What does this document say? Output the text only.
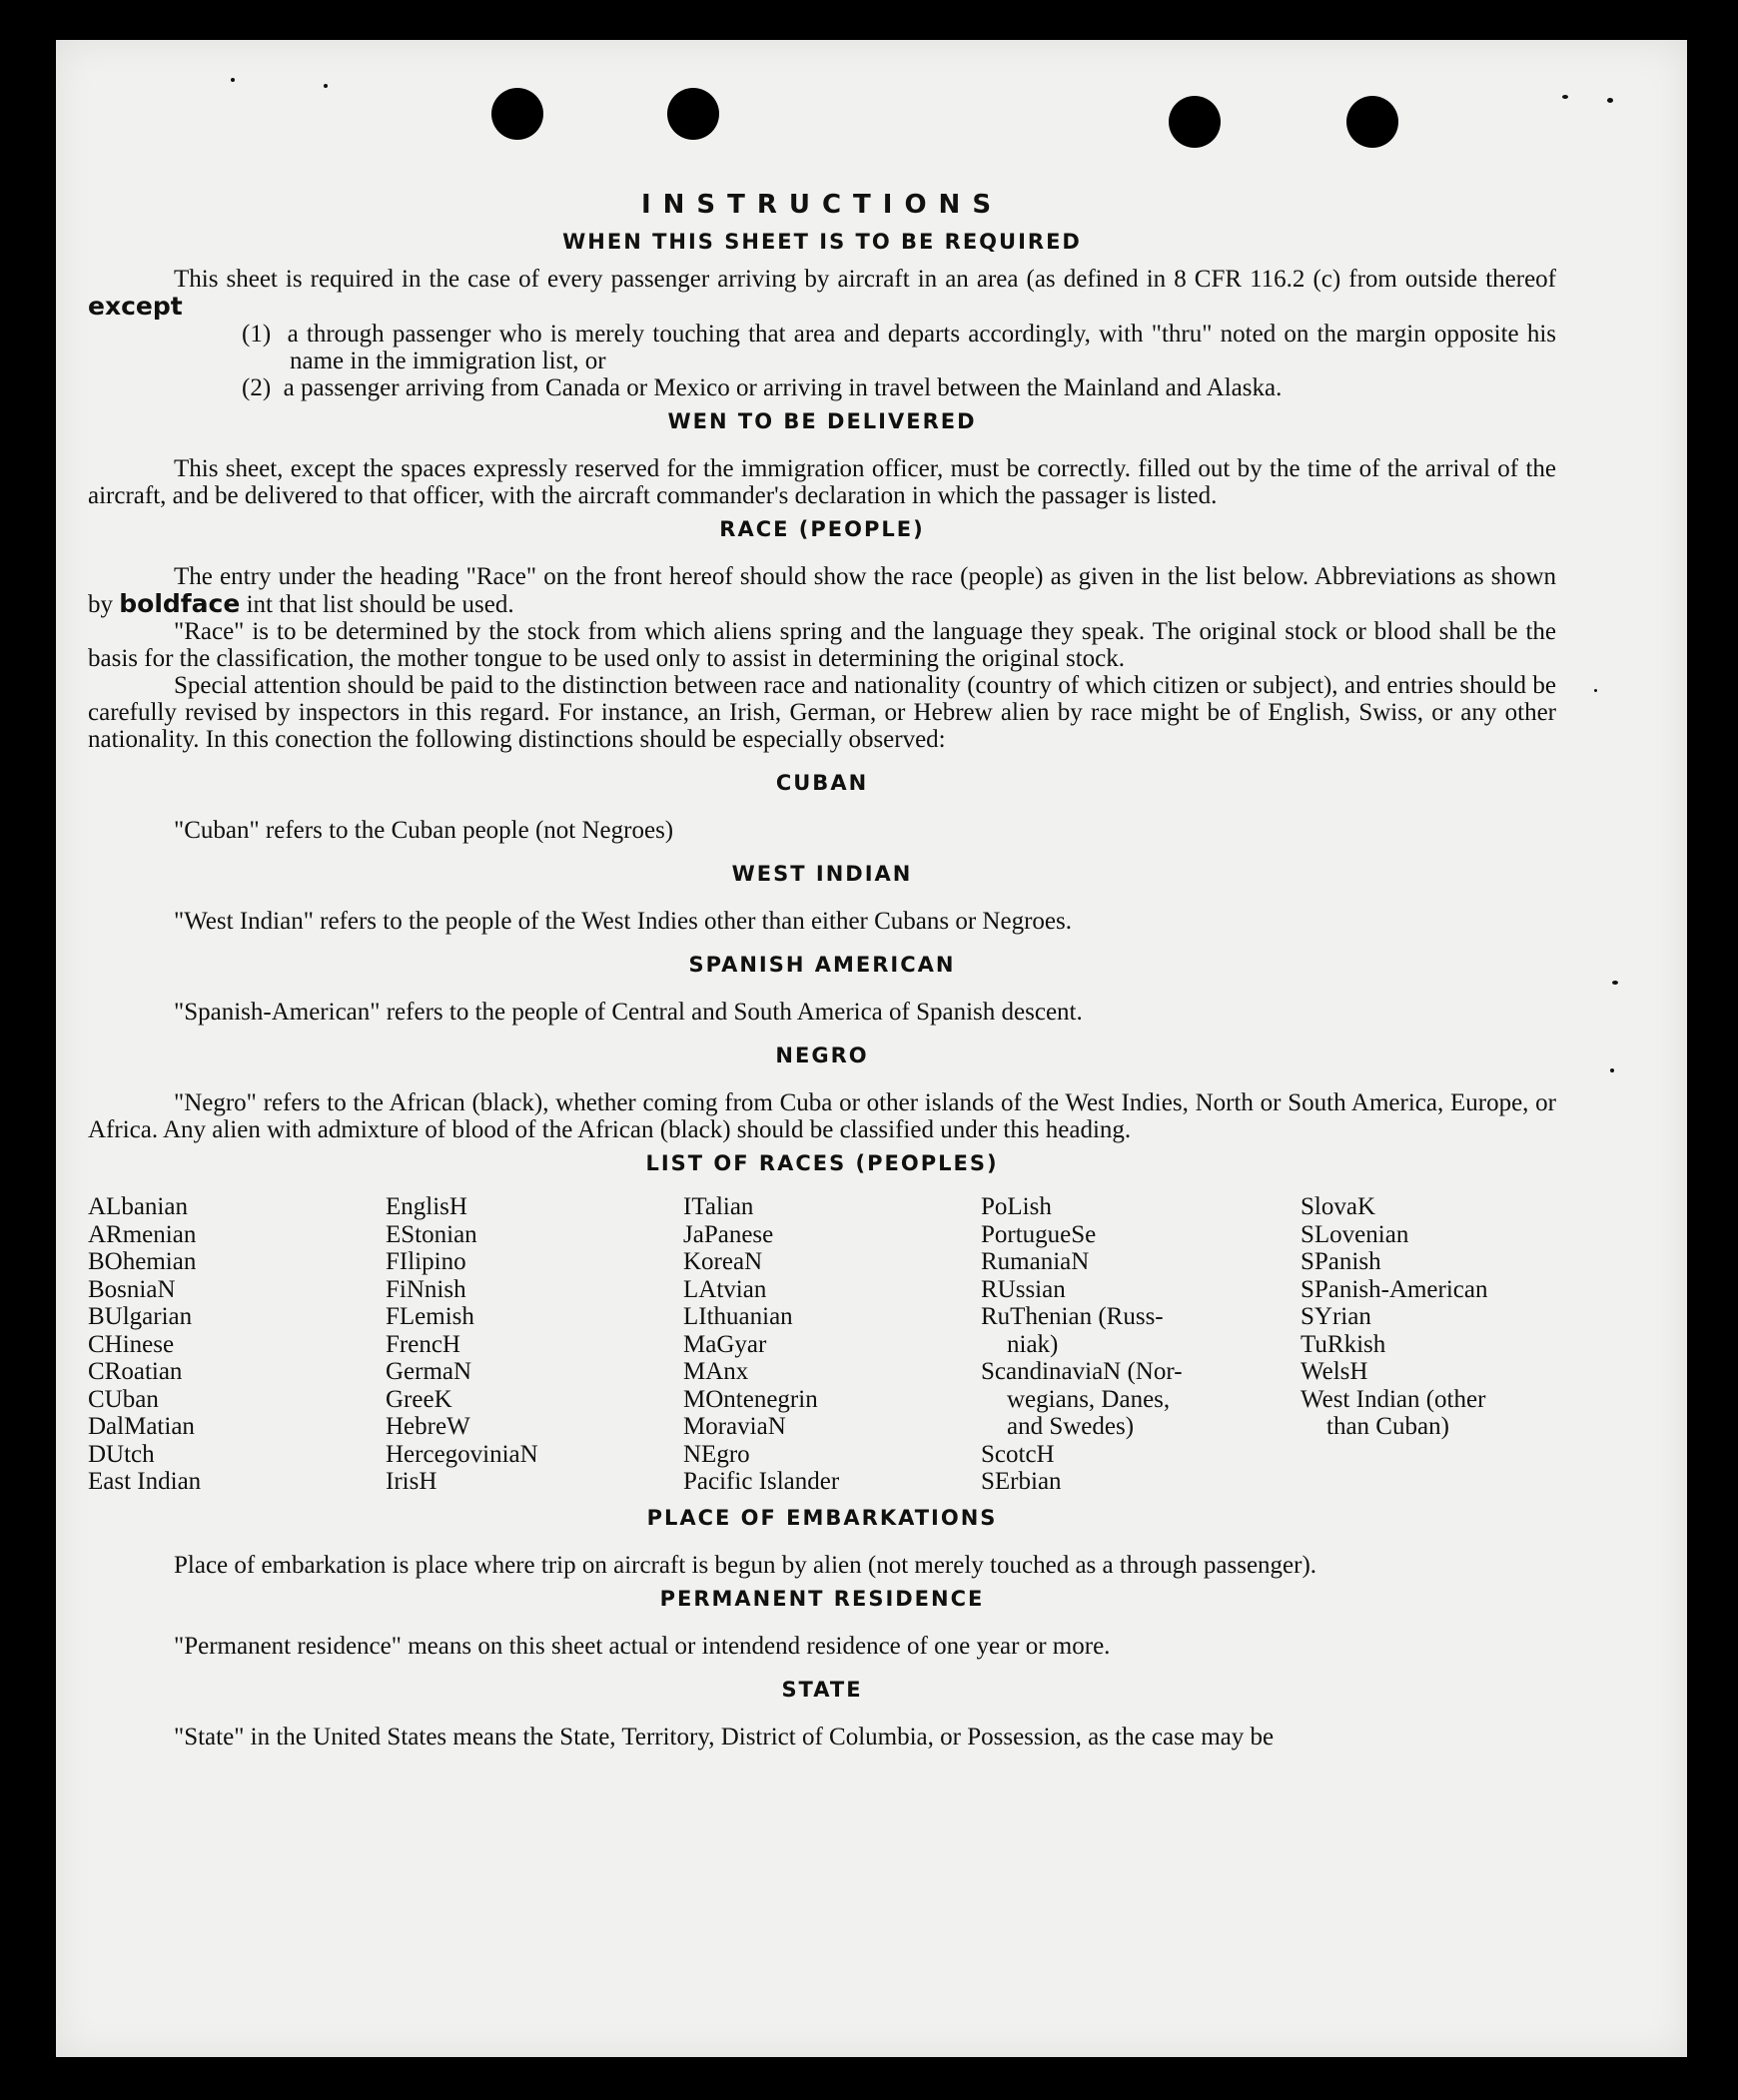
INSTRUCTIONS
WHEN THIS SHEET IS TO BE REQUIRED

This sheet is required in the case of every passenger arriving by aircraft in an area (as defined in 8 CFR 116.2 (c) from outside thereof except

(1) a through passenger who is merely touching that area and departs accordingly, with "thru" noted on the margin opposite his name in the immigration list, or
(2) a passenger arriving from Canada or Mexico or arriving in travel between the Mainland and Alaska.
WEN TO BE DELIVERED

This sheet, except the spaces expressly reserved for the immigration officer, must be correctly. filled out by the time of the arrival of the aircraft, and be delivered to that officer, with the aircraft commander's declaration in which the passager is listed.

RACE (PEOPLE)

The entry under the heading "Race" on the front hereof should show the race (people) as given in the list below. Abbreviations as shown by boldface int that list should be used.

"Race" is to be determined by the stock from which aliens spring and the language they speak. The original stock or blood shall be the basis for the classification, the mother tongue to be used only to assist in determining the original stock.

Special attention should be paid to the distinction between race and nationality (country of which citizen or subject), and entries should be carefully revised by inspectors in this regard. For instance, an Irish, German, or Hebrew alien by race might be of English, Swiss, or any other nationality. In this conection the following distinctions should be especially observed:

CUBAN

"Cuban" refers to the Cuban people (not Negroes)

WEST INDIAN

"West Indian" refers to the people of the West Indies other than either Cubans or Negroes.

SPANISH AMERICAN

"Spanish-American" refers to the people of Central and South America of Spanish descent.

NEGRO

"Negro" refers to the African (black), whether coming from Cuba or other islands of the West Indies, North or South America, Europe, or Africa. Any alien with admixture of blood of the African (black) should be classified under this heading.

LIST OF RACES (PEOPLES)
ALbanian
ARmenian
BOhemian
BosniaN
BUlgarian
CHinese
CRoatian
CUban
DalMatian
DUtch
East Indian
EnglisH
EStonian
FIlipino
FiNnish
FLemish
FrencH
GermaN
GreeK
HebreW
HercegoviniaN
IrisH
ITalian
JaPanese
KoreaN
LAtvian
LIthuanian
MaGyar
MAnx
MOntenegrin
MoraviaN
NEgro
Pacific Islander
PoLish
PortugueSe
RumaniaN
RUssian
RuThenian (Russ-
niak)
ScandinaviaN (Nor-
wegians, Danes,
and Swedes)
ScotcH
SErbian
SlovaK
SLovenian
SPanish
SPanish-American
SYrian
TuRkish
WelsH
West Indian (other
than Cuban)
PLACE OF EMBARKATIONS

Place of embarkation is place where trip on aircraft is begun by alien (not merely touched as a through passenger).

PERMANENT RESIDENCE

"Permanent residence" means on this sheet actual or intendend residence of one year or more.

STATE

"State" in the United States means the State, Territory, District of Columbia, or Possession, as the case may be
